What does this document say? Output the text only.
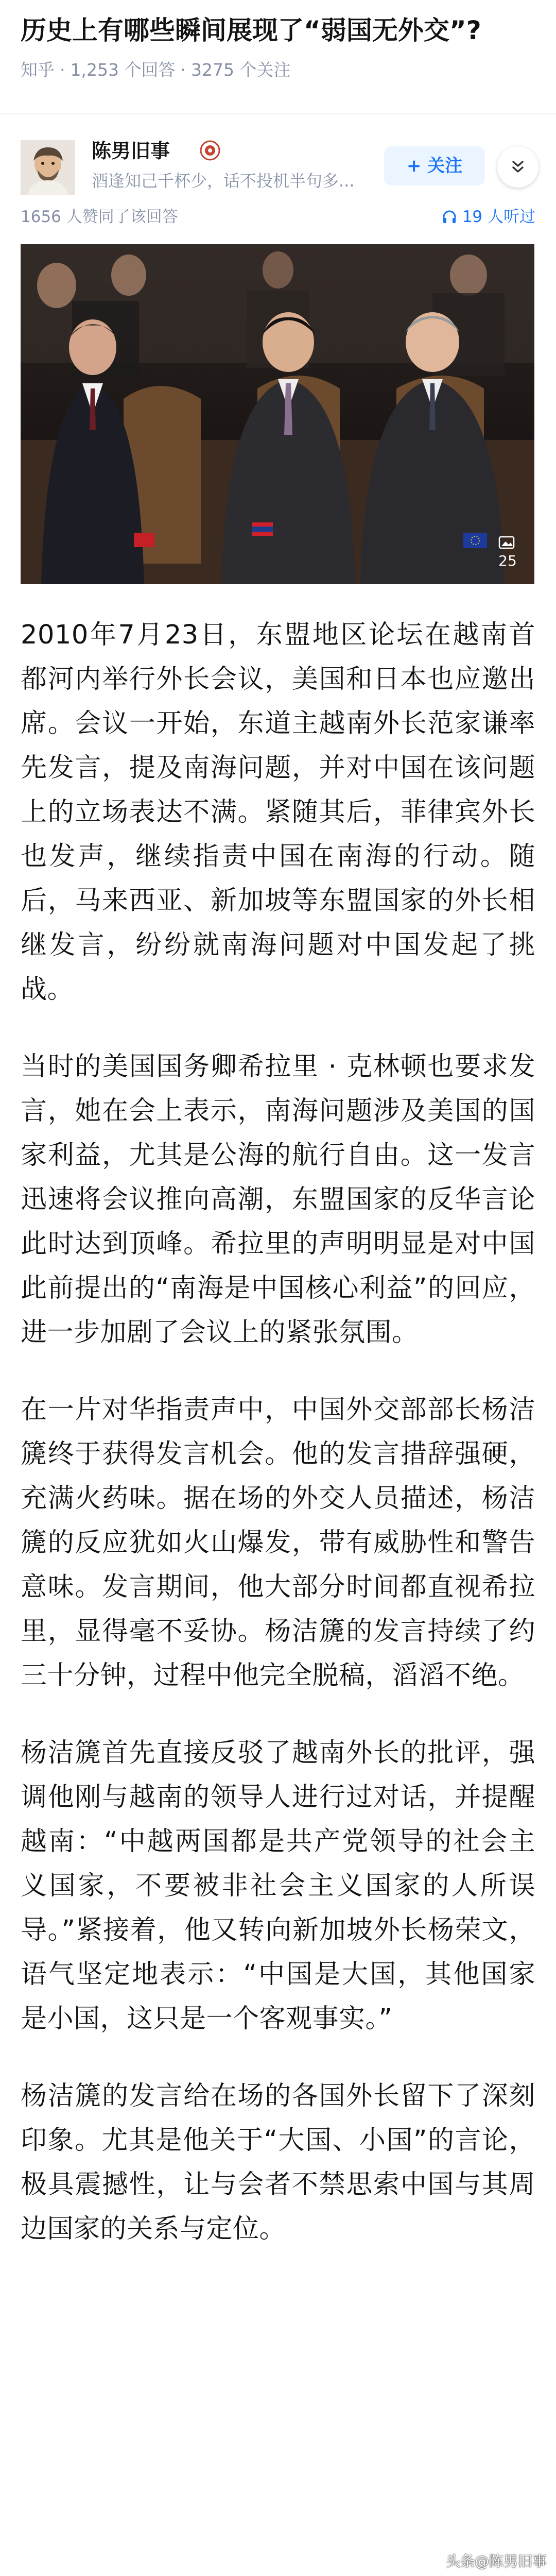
历史上有哪些瞬间展现了“弱国无外交”?
知乎 · 1,253 个回答 · 3275 个关注
陈男旧事
酒逢知己千杯少，话不投机半句多...
+ 关注
1656 人赞同了该回答	19 人听过
25

2010年7月23日，东盟地区论坛在越南首都河内举行外长会议，美国和日本也应邀出席。会议一开始，东道主越南外长范家谦率先发言，提及南海问题，并对中国在该问题上的立场表达不满。紧随其后，菲律宾外长也发声，继续指责中国在南海的行动。随后，马来西亚、新加坡等东盟国家的外长相继发言，纷纷就南海问题对中国发起了挑战。

当时的美国国务卿希拉里 · 克林顿也要求发言，她在会上表示，南海问题涉及美国的国家利益，尤其是公海的航行自由。这一发言迅速将会议推向高潮，东盟国家的反华言论此时达到顶峰。希拉里的声明明显是对中国此前提出的“南海是中国核心利益”的回应，进一步加剧了会议上的紧张氛围。

在一片对华指责声中，中国外交部部长杨洁篪终于获得发言机会。他的发言措辞强硬，充满火药味。据在场的外交人员描述，杨洁篪的反应犹如火山爆发，带有威胁性和警告意味。发言期间，他大部分时间都直视希拉里，显得毫不妥协。杨洁篪的发言持续了约三十分钟，过程中他完全脱稿，滔滔不绝。

杨洁篪首先直接反驳了越南外长的批评，强调他刚与越南的领导人进行过对话，并提醒越南：“中越两国都是共产党领导的社会主义国家，不要被非社会主义国家的人所误导。”紧接着，他又转向新加坡外长杨荣文，语气坚定地表示：“中国是大国，其他国家是小国，这只是一个客观事实。”

杨洁篪的发言给在场的各国外长留下了深刻印象。尤其是他关于“大国、小国”的言论，极具震撼性，让与会者不禁思索中国与其周边国家的关系与定位。

头条@陈男旧事
